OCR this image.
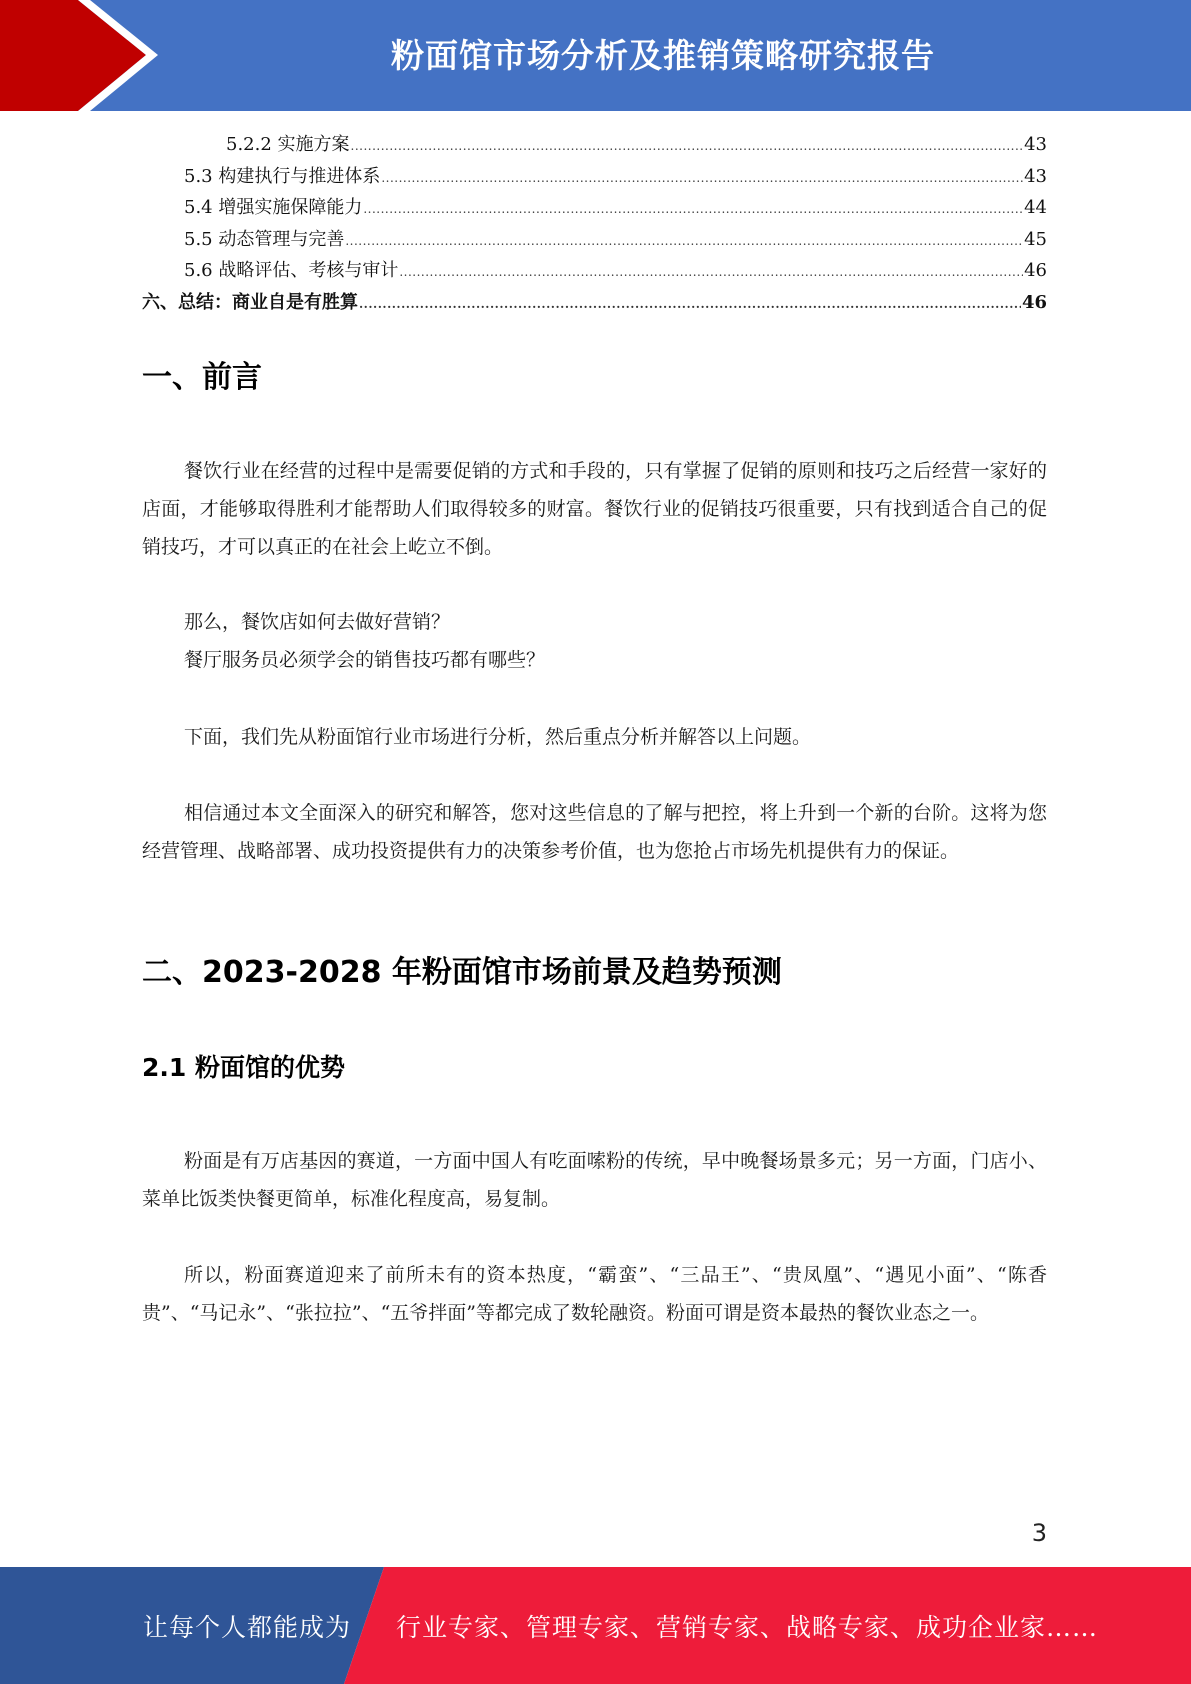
粉面馆市场分析及推销策略研究报告
5.2.2 实施方案 .....	43
5.3 构建执行与推进体系 .....	43
5.4 增强实施保障能力 .....	44
5.5 动态管理与完善 .....	45
5.6 战略评估、考核与审计 .....	46
六、总结：商业自是有胜算 .....	46
一、前言

餐饮行业在经营的过程中是需要促销的方式和手段的，只有掌握了促销的原则和技巧之后经营一家好的店面，才能够取得胜利才能帮助人们取得较多的财富。餐饮行业的促销技巧很重要，只有找到适合自己的促销技巧，才可以真正的在社会上屹立不倒。

那么，餐饮店如何去做好营销？

餐厅服务员必须学会的销售技巧都有哪些？

下面，我们先从粉面馆行业市场进行分析，然后重点分析并解答以上问题。

相信通过本文全面深入的研究和解答，您对这些信息的了解与把控，将上升到一个新的台阶。这将为您经营管理、战略部署、成功投资提供有力的决策参考价值，也为您抢占市场先机提供有力的保证。

二、2023-2028 年粉面馆市场前景及趋势预测
2.1 粉面馆的优势

粉面是有万店基因的赛道，一方面中国人有吃面嗦粉的传统，早中晚餐场景多元；另一方面，门店小、菜单比饭类快餐更简单，标准化程度高，易复制。

所以，粉面赛道迎来了前所未有的资本热度，“霸蛮”、“三品王”、“贵凤凰”、“遇见小面”、“陈香贵”、“马记永”、“张拉拉”、“五爷拌面”等都完成了数轮融资。粉面可谓是资本最热的餐饮业态之一。

3
让每个人都能成为 行业专家、管理专家、营销专家、战略专家、成功企业家……
